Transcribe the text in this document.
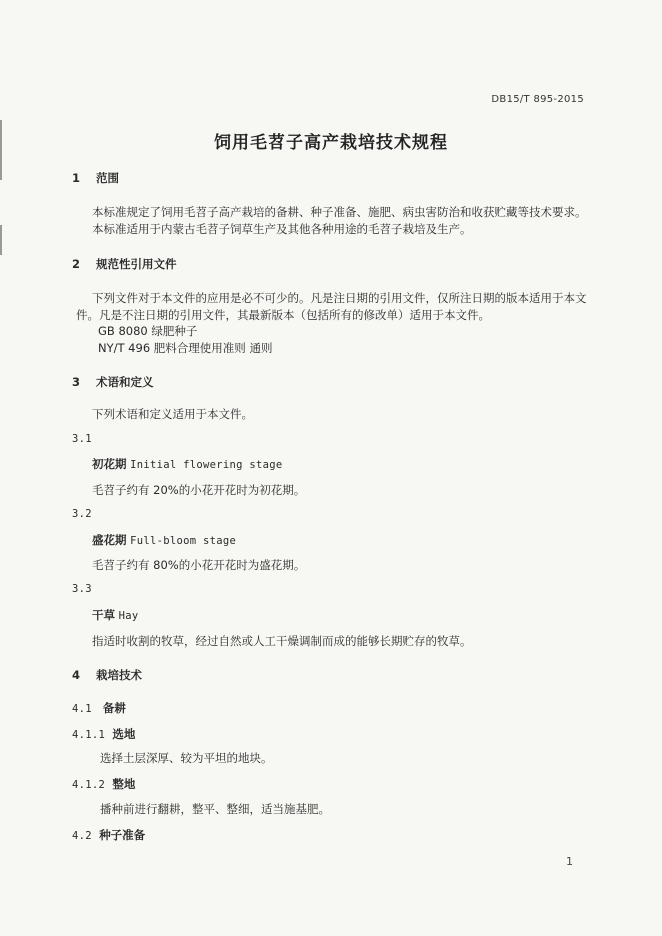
DB15/T 895-2015
饲用毛苕子高产栽培技术规程
1 范围
本标准规定了饲用毛苕子高产栽培的备耕、种子准备、施肥、病虫害防治和收获贮藏等技术要求。
本标准适用于内蒙古毛苕子饲草生产及其他各种用途的毛苕子栽培及生产。
2 规范性引用文件
下列文件对于本文件的应用是必不可少的。凡是注日期的引用文件，仅所注日期的版本适用于本文
件。凡是不注日期的引用文件，其最新版本（包括所有的修改单）适用于本文件。
GB 8080 绿肥种子
NY/T 496 肥料合理使用准则 通则
3 术语和定义
下列术语和定义适用于本文件。
3.1
初花期 Initial flowering stage
毛苕子约有 20%的小花开花时为初花期。
3.2
盛花期 Full-bloom stage
毛苕子约有 80%的小花开花时为盛花期。
3.3
干草 Hay
指适时收割的牧草，经过自然或人工干燥调制而成的能够长期贮存的牧草。
4 栽培技术
4.1 备耕
4.1.1 选地
选择土层深厚、较为平坦的地块。
4.1.2 整地
播种前进行翻耕，整平、整细，适当施基肥。
4.2 种子准备
1
